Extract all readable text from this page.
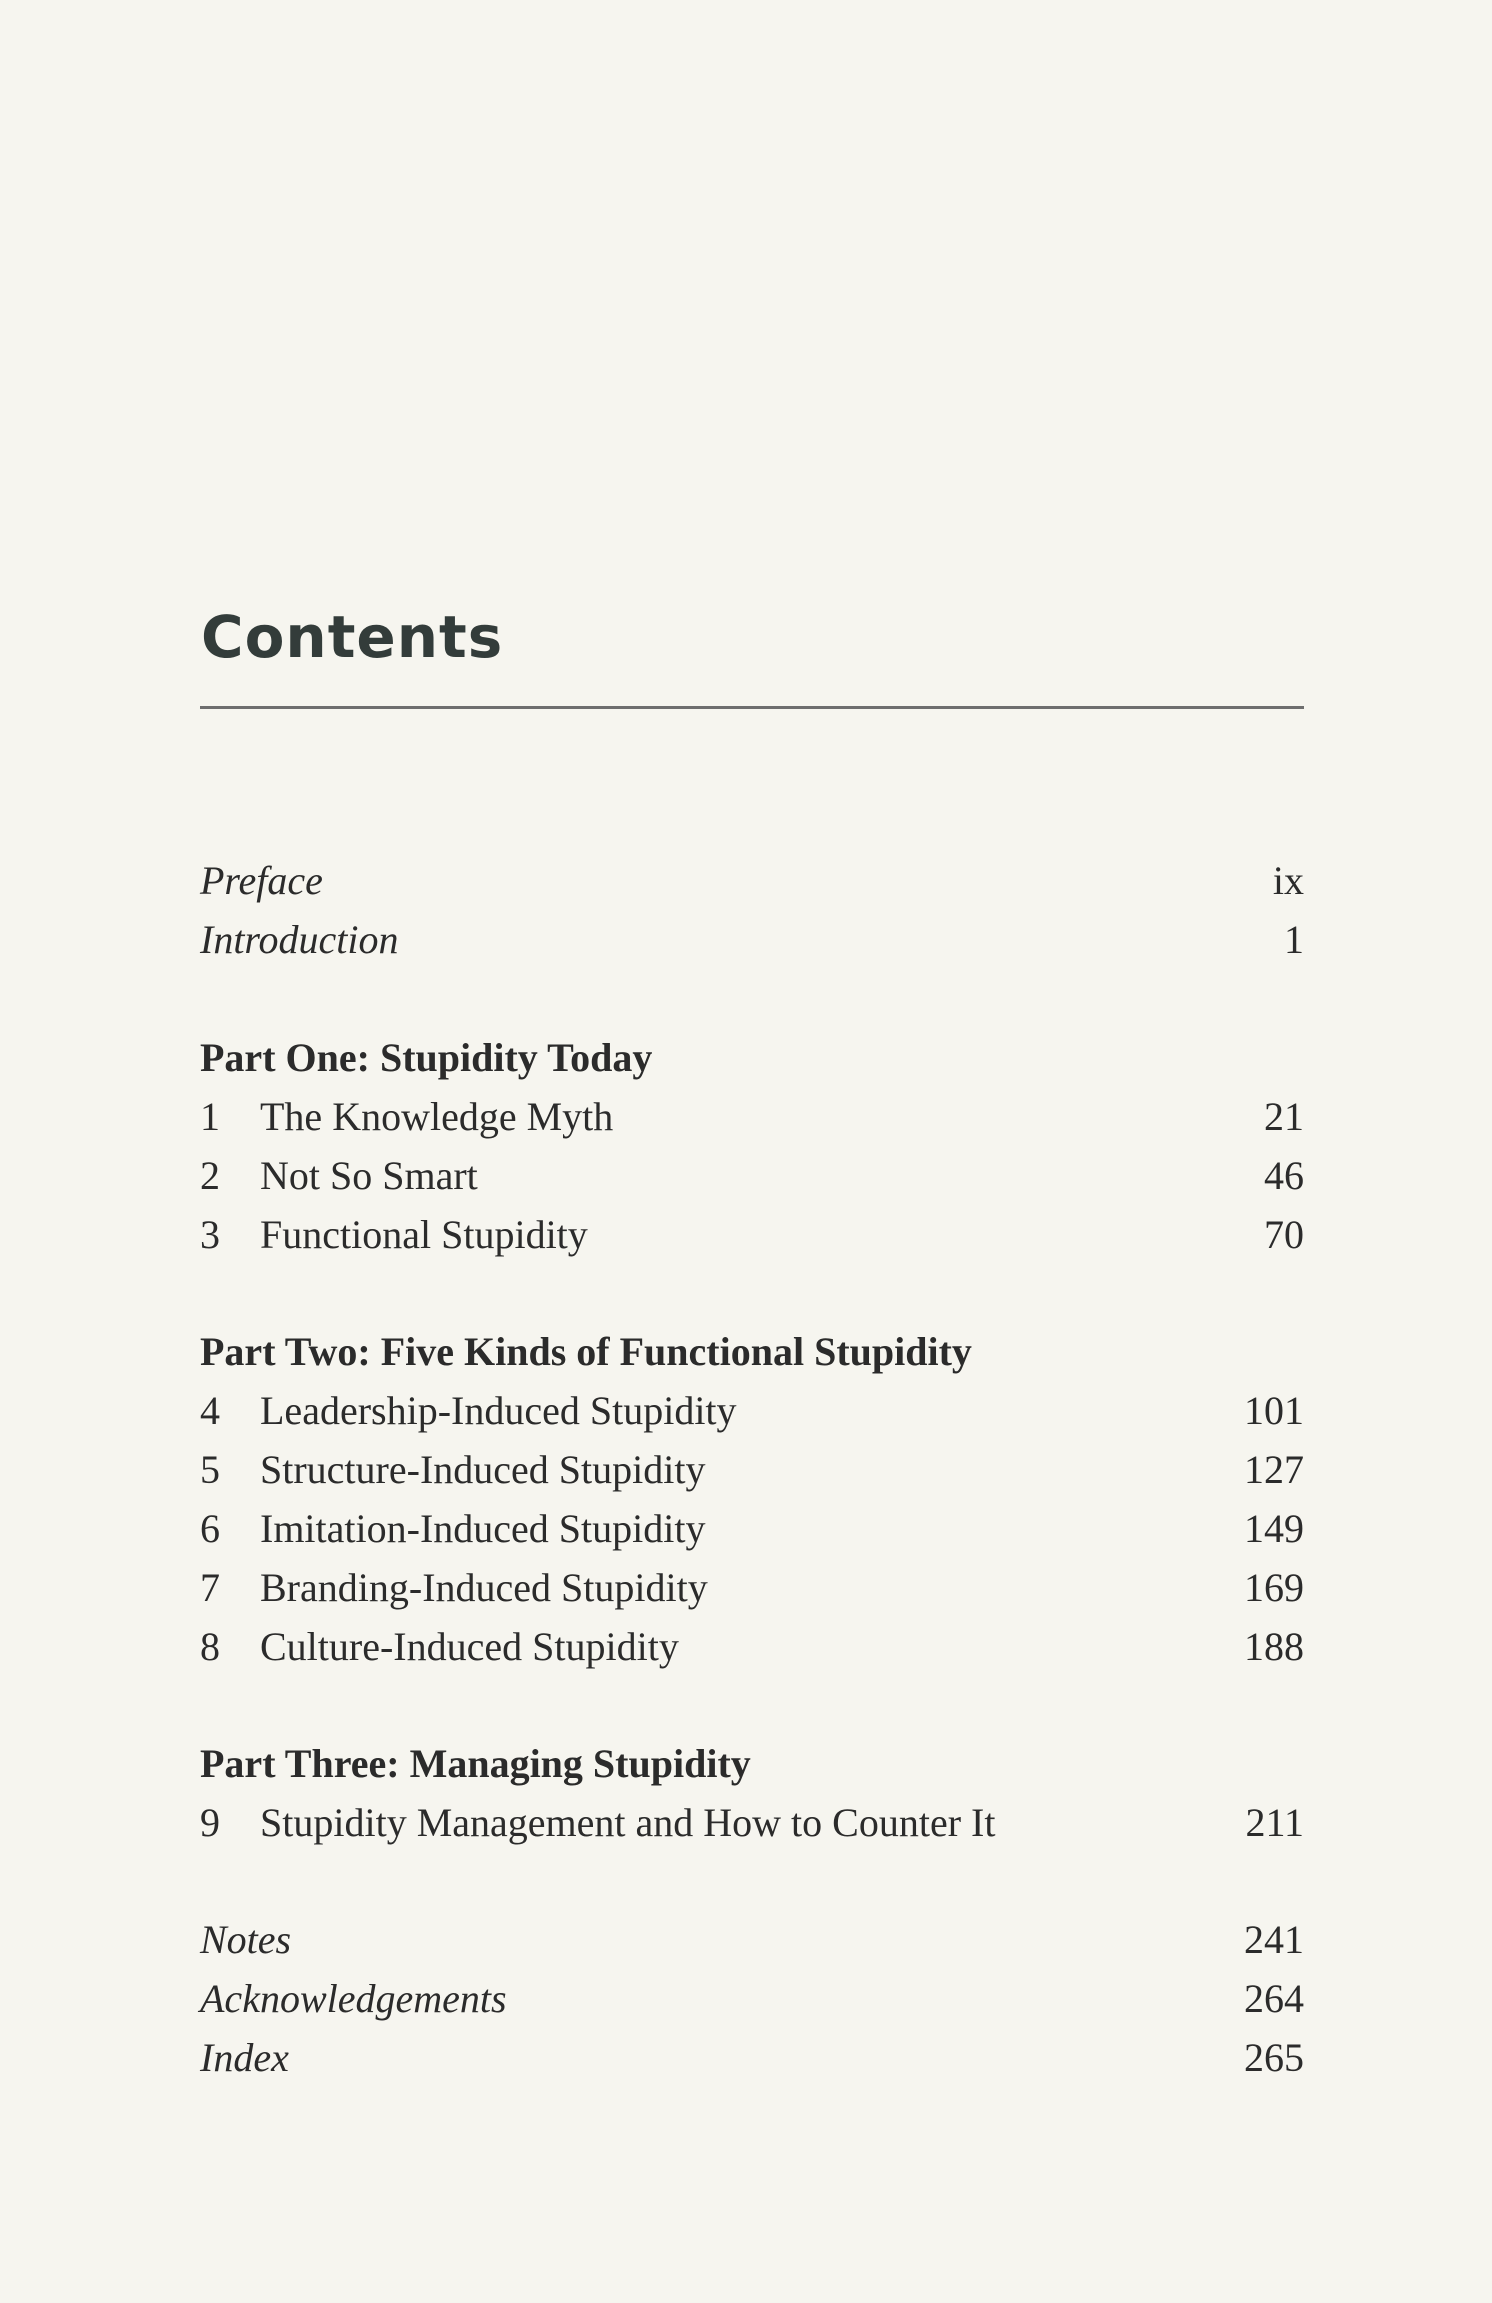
Contents
Preface	ix
Introduction	1
Part One: Stupidity Today
1	The Knowledge Myth	21
2	Not So Smart	46
3	Functional Stupidity	70
Part Two: Five Kinds of Functional Stupidity
4	Leadership-Induced Stupidity	101
5	Structure-Induced Stupidity	127
6	Imitation-Induced Stupidity	149
7	Branding-Induced Stupidity	169
8	Culture-Induced Stupidity	188
Part Three: Managing Stupidity
9	Stupidity Management and How to Counter It	211
Notes	241
Acknowledgements	264
Index	265
